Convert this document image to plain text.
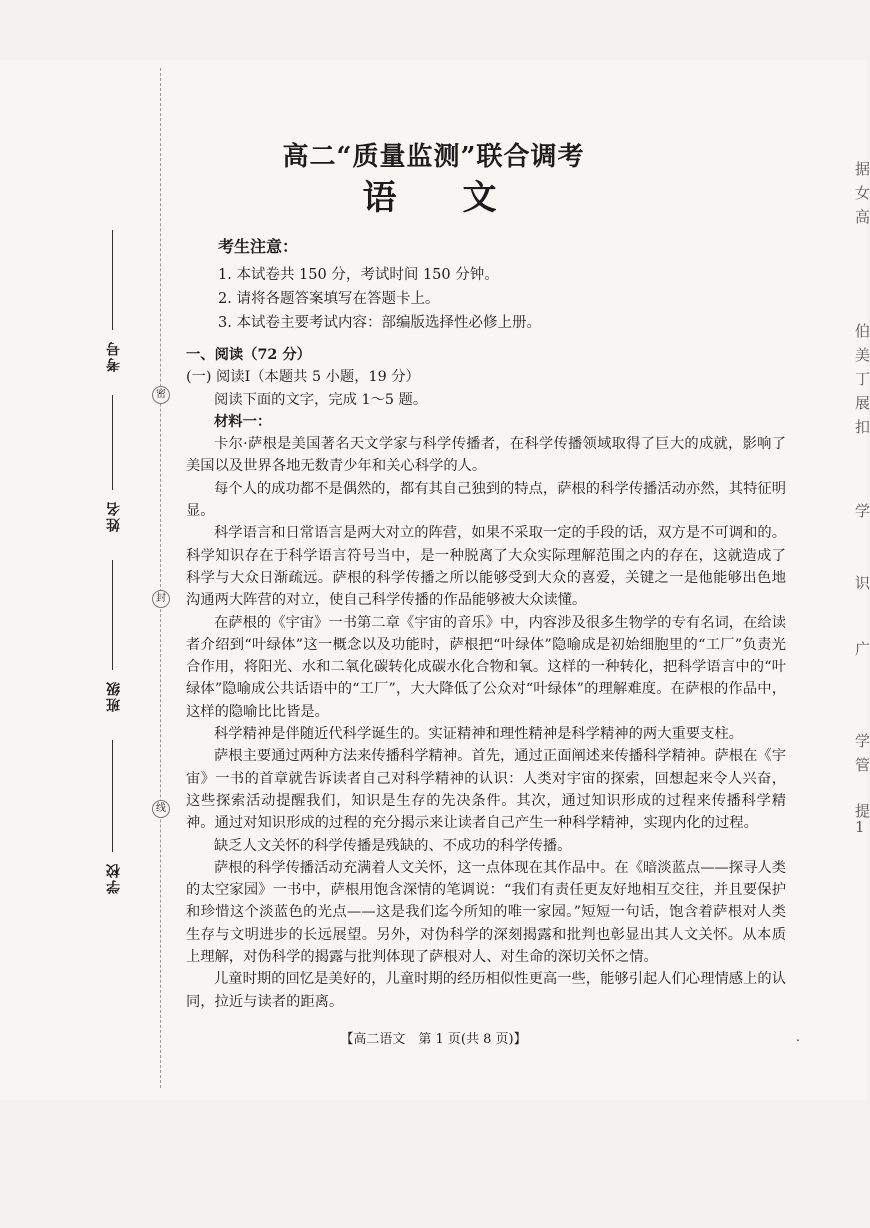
考号
姓名
班级
学校
密
封
线
据
女
高
伯
美
丁
展
扣
学
识
广
学
管
提
1
高二“质量监测”联合调考
语文
考生注意：
1. 本试卷共 150 分，考试时间 150 分钟。
2. 请将各题答案填写在答题卡上。
3. 本试卷主要考试内容：部编版选择性必修上册。

一、阅读（72 分）

(一) 阅读Ⅰ（本题共 5 小题，19 分）

阅读下面的文字，完成 1～5 题。

材料一：

卡尔·萨根是美国著名天文学家与科学传播者，在科学传播领域取得了巨大的成就，影响了美国以及世界各地无数青少年和关心科学的人。

每个人的成功都不是偶然的，都有其自己独到的特点，萨根的科学传播活动亦然，其特征明显。

科学语言和日常语言是两大对立的阵营，如果不采取一定的手段的话，双方是不可调和的。科学知识存在于科学语言符号当中，是一种脱离了大众实际理解范围之内的存在，这就造成了科学与大众日渐疏远。萨根的科学传播之所以能够受到大众的喜爱，关键之一是他能够出色地沟通两大阵营的对立，使自己科学传播的作品能够被大众读懂。

在萨根的《宇宙》一书第二章《宇宙的音乐》中，内容涉及很多生物学的专有名词，在给读者介绍到“叶绿体”这一概念以及功能时，萨根把“叶绿体”隐喻成是初始细胞里的“工厂”负责光合作用，将阳光、水和二氧化碳转化成碳水化合物和氧。这样的一种转化，把科学语言中的“叶绿体”隐喻成公共话语中的“工厂”，大大降低了公众对“叶绿体”的理解难度。在萨根的作品中，这样的隐喻比比皆是。

科学精神是伴随近代科学诞生的。实证精神和理性精神是科学精神的两大重要支柱。

萨根主要通过两种方法来传播科学精神。首先，通过正面阐述来传播科学精神。萨根在《宇宙》一书的首章就告诉读者自己对科学精神的认识：人类对宇宙的探索，回想起来令人兴奋，这些探索活动提醒我们，知识是生存的先决条件。其次，通过知识形成的过程来传播科学精神。通过对知识形成的过程的充分揭示来让读者自己产生一种科学精神，实现内化的过程。

缺乏人文关怀的科学传播是残缺的、不成功的科学传播。

萨根的科学传播活动充满着人文关怀，这一点体现在其作品中。在《暗淡蓝点——探寻人类的太空家园》一书中，萨根用饱含深情的笔调说：“我们有责任更友好地相互交往，并且要保护和珍惜这个淡蓝色的光点——这是我们迄今所知的唯一家园。”短短一句话，饱含着萨根对人类生存与文明进步的长远展望。另外，对伪科学的深刻揭露和批判也彰显出其人文关怀。从本质上理解，对伪科学的揭露与批判体现了萨根对人、对生命的深切关怀之情。

儿童时期的回忆是美好的，儿童时期的经历相似性更高一些，能够引起人们心理情感上的认同，拉近与读者的距离。

【高二语文　第 1 页(共 8 页)】	.
